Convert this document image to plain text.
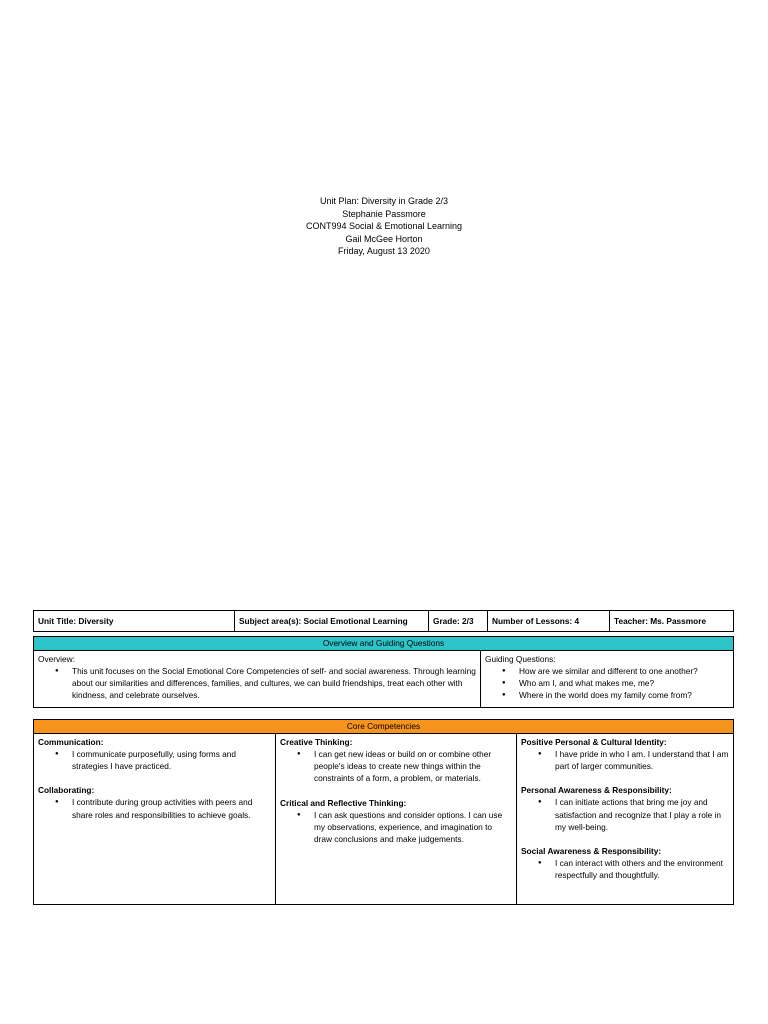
Unit Plan: Diversity in Grade 2/3
Stephanie Passmore
CONT994 Social & Emotional Learning
Gail McGee Horton
Friday, August 13 2020
Unit Title: Diversity	Subject area(s): Social Emotional Learning	Grade: 2/3	Number of Lessons: 4	Teacher: Ms. Passmore
Overview and Guiding Questions

Overview:
● This unit focuses on the Social Emotional Core Competencies of self- and social awareness. Through learning about our similarities and differences, families, and cultures, we can build friendships, treat each other with kindness, and celebrate ourselves.

Guiding Questions:
● How are we similar and different to one another?
● Who am I, and what makes me, me?
● Where in the world does my family come from?
Core Competencies

Communication:
● I communicate purposefully, using forms and strategies I have practiced.
Collaborating:
● I contribute during group activities with peers and share roles and responsibilities to achieve goals.

Creative Thinking:
● I can get new ideas or build on or combine other people's ideas to create new things within the constraints of a form, a problem, or materials.
Critical and Reflective Thinking:
● I can ask questions and consider options. I can use my observations, experience, and imagination to draw conclusions and make judgements.

Positive Personal & Cultural Identity:
● I have pride in who I am. I understand that I am part of larger communities.
Personal Awareness & Responsibility:
● I can initiate actions that bring me joy and satisfaction and recognize that I play a role in my well-being.
Social Awareness & Responsibility:
● I can interact with others and the environment respectfully and thoughtfully.
